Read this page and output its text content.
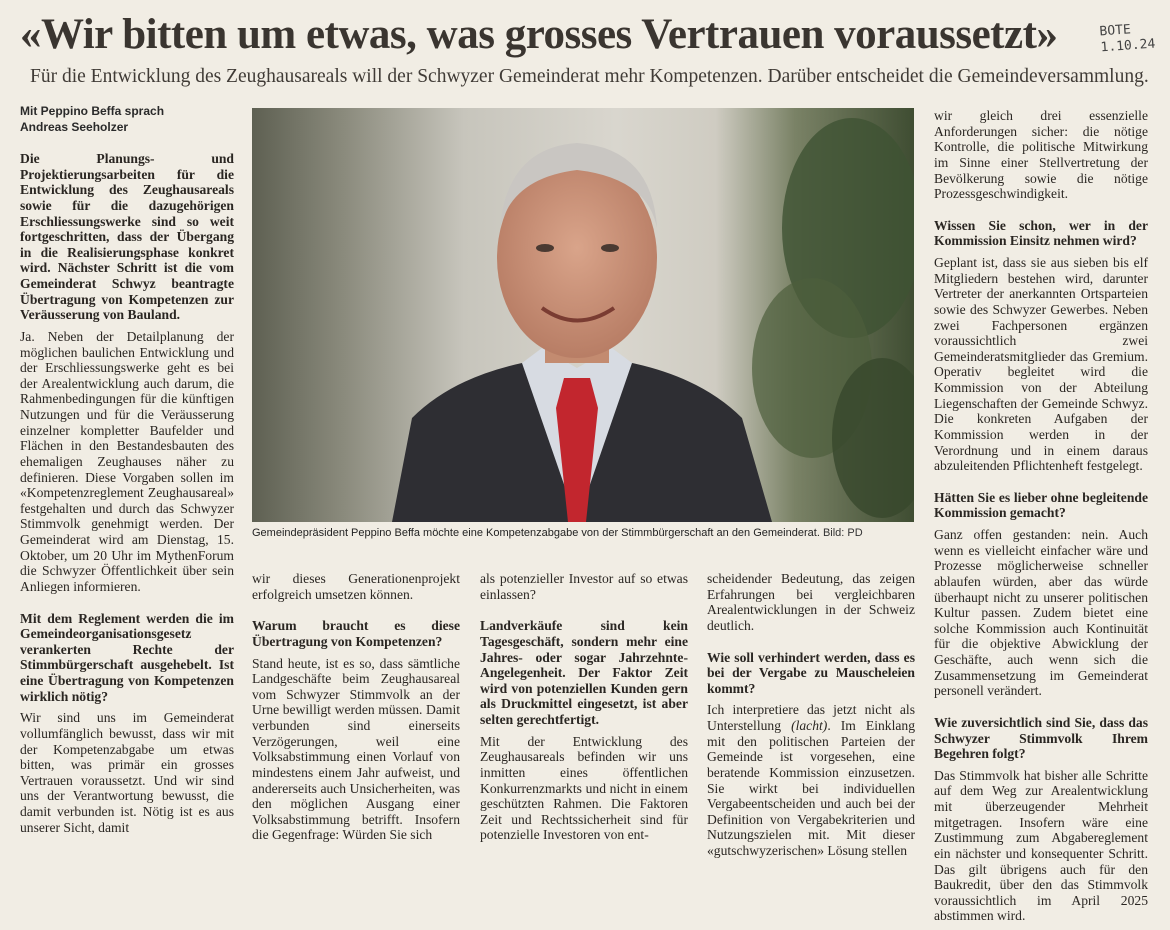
«Wir bitten um etwas, was grosses Vertrauen voraussetzt»	BOTE 1.10.24
Für die Entwicklung des Zeughausareals will der Schwyzer Gemeinderat mehr Kompetenzen. Darüber entscheidet die Gemeindeversammlung.
Mit Peppino Beffa sprach
Andreas Seeholzer

Die Planungs- und Projektierungsarbeiten für die Entwicklung des Zeughausareals sowie für die dazugehörigen Erschliessungswerke sind so weit fortgeschritten, dass der Übergang in die Realisierungsphase konkret wird. Nächster Schritt ist die vom Gemeinderat Schwyz beantragte Übertragung von Kompetenzen zur Veräusserung von Bauland.

Ja. Neben der Detailplanung der möglichen baulichen Entwicklung und der Erschliessungswerke geht es bei der Arealentwicklung auch darum, die Rahmenbedingungen für die künftigen Nutzungen und für die Veräusserung einzelner kompletter Baufelder und Flächen in den Bestandesbauten des ehemaligen Zeughauses näher zu definieren. Diese Vorgaben sollen im «Kompetenzreglement Zeughausareal» festgehalten und durch das Schwyzer Stimmvolk genehmigt werden. Der Gemeinderat wird am Dienstag, 15. Oktober, um 20 Uhr im MythenForum die Schwyzer Öffentlichkeit über sein Anliegen informieren.

Mit dem Reglement werden die im Gemeindeorganisationsgesetz verankerten Rechte der Stimmbürgerschaft ausgehebelt. Ist eine Übertragung von Kompetenzen wirklich nötig?

Wir sind uns im Gemeinderat vollumfänglich bewusst, dass wir mit der Kompetenzabgabe um etwas bitten, was primär ein grosses Vertrauen voraussetzt. Und wir sind uns der Verantwortung bewusst, die damit verbunden ist. Nötig ist es aus unserer Sicht, damit

Gemeindepräsident Peppino Beffa möchte eine Kompetenzabgabe von der Stimmbürgerschaft an den Gemeinderat. Bild: PD

wir dieses Generationenprojekt erfolgreich umsetzen können.

Warum braucht es diese Übertragung von Kompetenzen?

Stand heute, ist es so, dass sämtliche Landgeschäfte beim Zeughausareal vom Schwyzer Stimmvolk an der Urne bewilligt werden müssen. Damit verbunden sind einerseits Verzögerungen, weil eine Volksabstimmung einen Vorlauf von mindestens einem Jahr aufweist, und andererseits auch Unsicherheiten, was den möglichen Ausgang einer Volksabstimmung betrifft. Insofern die Gegenfrage: Würden Sie sich

als potenzieller Investor auf so etwas einlassen?

Landverkäufe sind kein Tagesgeschäft, sondern mehr eine Jahres- oder sogar Jahrzehnte-Angelegenheit. Der Faktor Zeit wird von potenziellen Kunden gern als Druckmittel eingesetzt, ist aber selten gerechtfertigt.

Mit der Entwicklung des Zeughausareals befinden wir uns inmitten eines öffentlichen Konkurrenzmarkts und nicht in einem geschützten Rahmen. Die Faktoren Zeit und Rechtssicherheit sind für potenzielle Investoren von ent-

scheidender Bedeutung, das zeigen Erfahrungen bei vergleichbaren Arealentwicklungen in der Schweiz deutlich.

Wie soll verhindert werden, dass es bei der Vergabe zu Mauscheleien kommt?

Ich interpretiere das jetzt nicht als Unterstellung (lacht). Im Einklang mit den politischen Parteien der Gemeinde ist vorgesehen, eine beratende Kommission einzusetzen. Sie wirkt bei individuellen Vergabeentscheiden und auch bei der Definition von Vergabekriterien und Nutzungszielen mit. Mit dieser «gutschwyzerischen» Lösung stellen

wir gleich drei essenzielle Anforderungen sicher: die nötige Kontrolle, die politische Mitwirkung im Sinne einer Stellvertretung der Bevölkerung sowie die nötige Prozessgeschwindigkeit.

Wissen Sie schon, wer in der Kommission Einsitz nehmen wird?

Geplant ist, dass sie aus sieben bis elf Mitgliedern bestehen wird, darunter Vertreter der anerkannten Ortsparteien sowie des Schwyzer Gewerbes. Neben zwei Fachpersonen ergänzen voraussichtlich zwei Gemeinderatsmitglieder das Gremium. Operativ begleitet wird die Kommission von der Abteilung Liegenschaften der Gemeinde Schwyz. Die konkreten Aufgaben der Kommission werden in der Verordnung und in einem daraus abzuleitenden Pflichtenheft festgelegt.

Hätten Sie es lieber ohne begleitende Kommission gemacht?

Ganz offen gestanden: nein. Auch wenn es vielleicht einfacher wäre und Prozesse möglicherweise schneller ablaufen würden, aber das würde überhaupt nicht zu unserer politischen Kultur passen. Zudem bietet eine solche Kommission auch Kontinuität für die objektive Abwicklung der Geschäfte, auch wenn sich die Zusammensetzung im Gemeinderat personell verändert.

Wie zuversichtlich sind Sie, dass das Schwyzer Stimmvolk Ihrem Begehren folgt?

Das Stimmvolk hat bisher alle Schritte auf dem Weg zur Arealentwicklung mit überzeugender Mehrheit mitgetragen. Insofern wäre eine Zustimmung zum Abgabereglement ein nächster und konsequenter Schritt. Das gilt übrigens auch für den Baukredit, über den das Stimmvolk voraussichtlich im April 2025 abstimmen wird.
